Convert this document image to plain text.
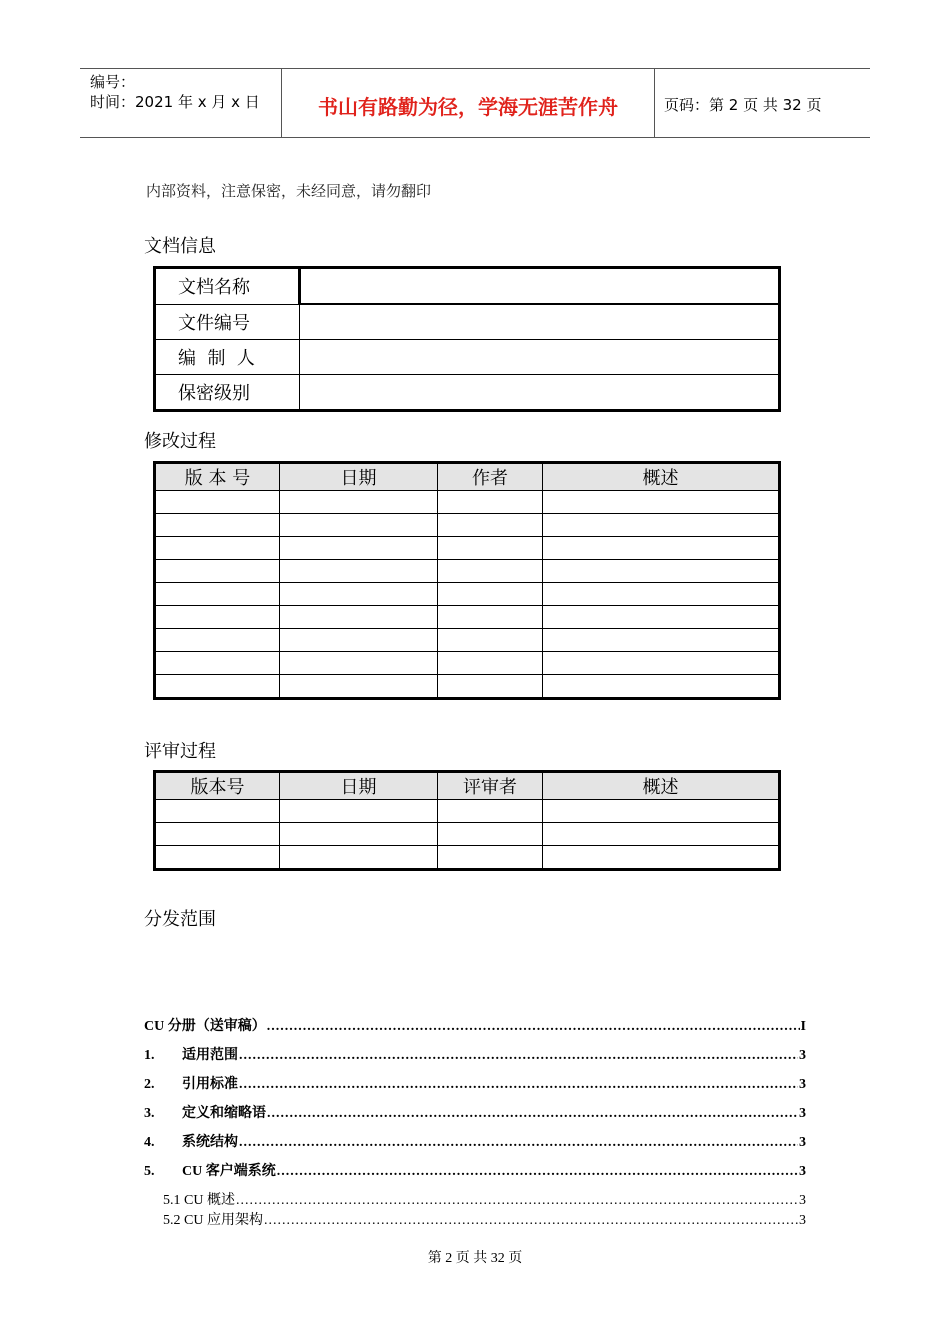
编号：
时间：2021 年 x 月 x 日	书山有路勤为径，学海无涯苦作舟	页码：第 2 页 共 32 页
内部资料，注意保密，未经同意，请勿翻印
文档信息
文档名称	
文件编号	
编  制  人	
保密级别	
修改过程
版 本 号	日期	作者	概述

评审过程
版本号	日期	评审者	概述

分发范围
CU 分册（送审稿） .....	I
1.	适用范围 .....	3
2.	引用标准 .....	3
3.	定义和缩略语 .....	3
4.	系统结构 .....	3
5.	CU 客户端系统 .....	3
5.1 CU 概述 .....	3
5.2 CU 应用架构 .....	3
第 2 页 共 32 页
